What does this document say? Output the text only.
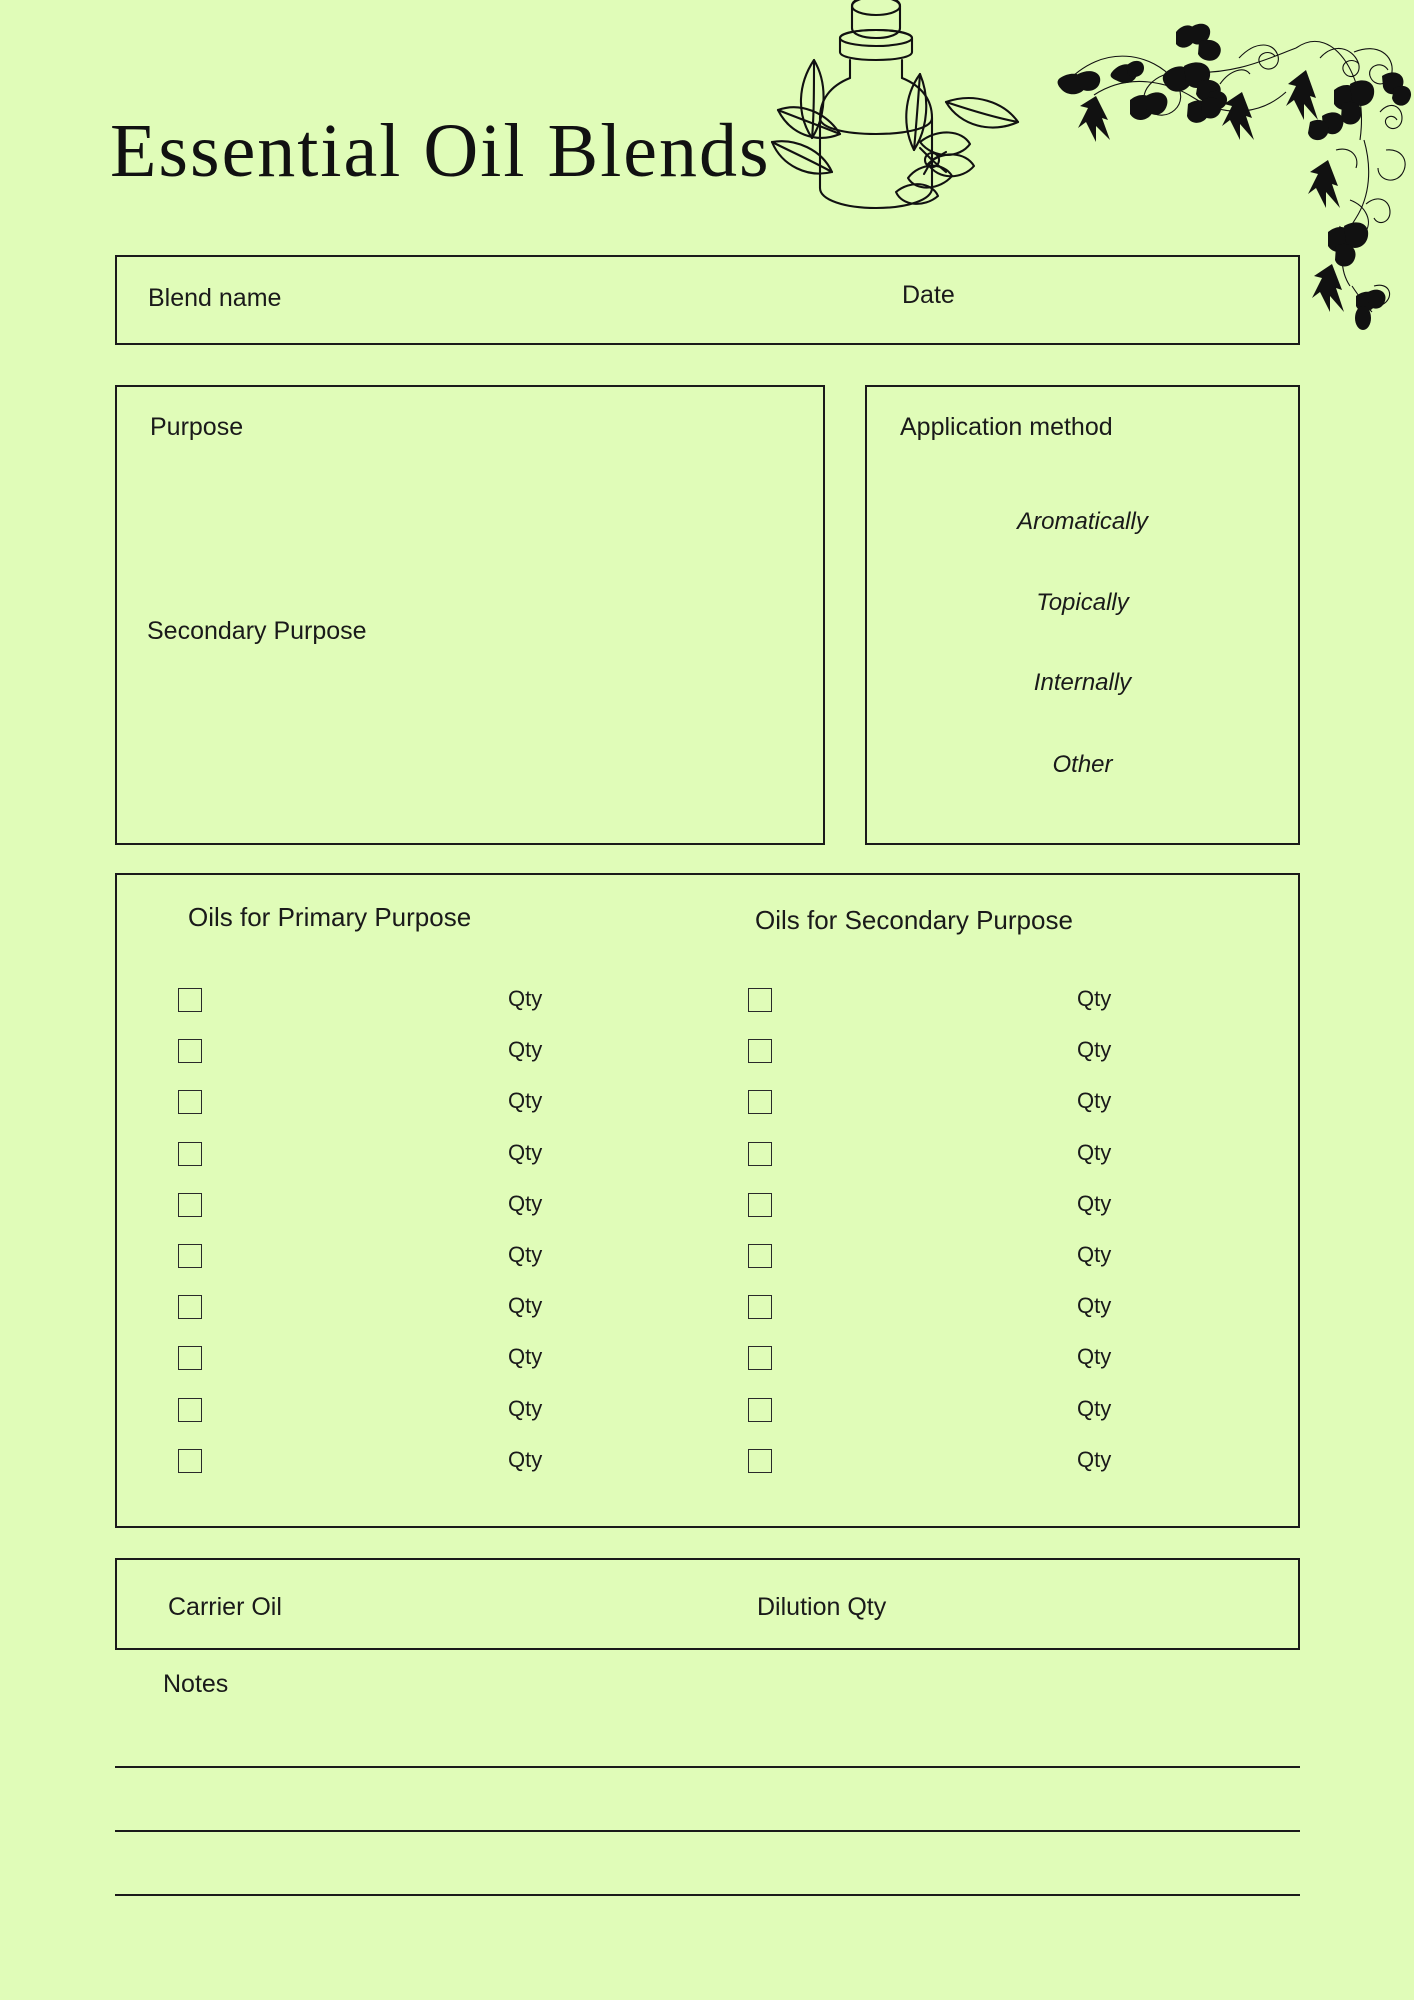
Essential Oil Blends
Blend name	Date
Purpose
Secondary Purpose
Application method
Aromatically
Topically
Internally
Other
Oils for Primary Purpose	Oils for Secondary Purpose
Qty	Qty
Qty	Qty
Qty	Qty
Qty	Qty
Qty	Qty
Qty	Qty
Qty	Qty
Qty	Qty
Qty	Qty
Qty	Qty
Carrier Oil	Dilution Qty
Notes
